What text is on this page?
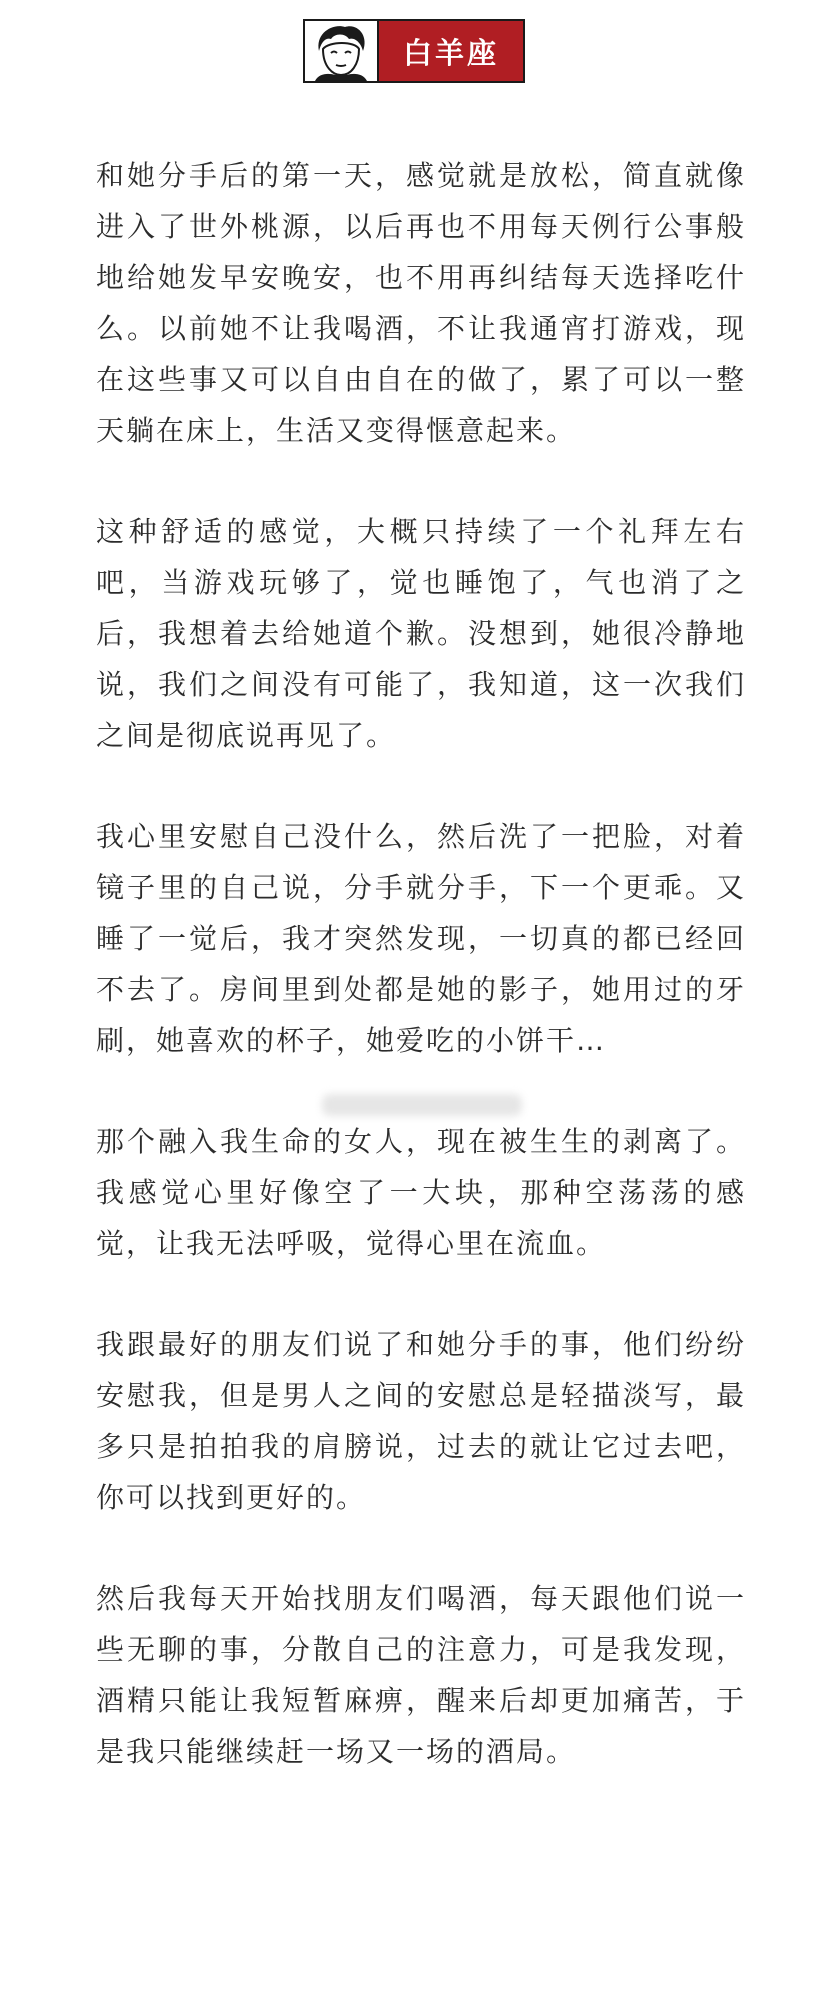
白羊座

和她分手后的第一天，感觉就是放松，简直就像进入了世外桃源，以后再也不用每天例行公事般地给她发早安晚安，也不用再纠结每天选择吃什么。以前她不让我喝酒，不让我通宵打游戏，现在这些事又可以自由自在的做了，累了可以一整天躺在床上，生活又变得惬意起来。

这种舒适的感觉，大概只持续了一个礼拜左右吧，当游戏玩够了，觉也睡饱了，气也消了之后，我想着去给她道个歉。没想到，她很冷静地说，我们之间没有可能了，我知道，这一次我们之间是彻底说再见了。

我心里安慰自己没什么，然后洗了一把脸，对着镜子里的自己说，分手就分手，下一个更乖。又睡了一觉后，我才突然发现，一切真的都已经回不去了。房间里到处都是她的影子，她用过的牙刷，她喜欢的杯子，她爱吃的小饼干…

那个融入我生命的女人，现在被生生的剥离了。我感觉心里好像空了一大块，那种空荡荡的感觉，让我无法呼吸，觉得心里在流血。

我跟最好的朋友们说了和她分手的事，他们纷纷安慰我，但是男人之间的安慰总是轻描淡写，最多只是拍拍我的肩膀说，过去的就让它过去吧，你可以找到更好的。

然后我每天开始找朋友们喝酒，每天跟他们说一些无聊的事，分散自己的注意力，可是我发现，酒精只能让我短暂麻痹，醒来后却更加痛苦，于是我只能继续赶一场又一场的酒局。
